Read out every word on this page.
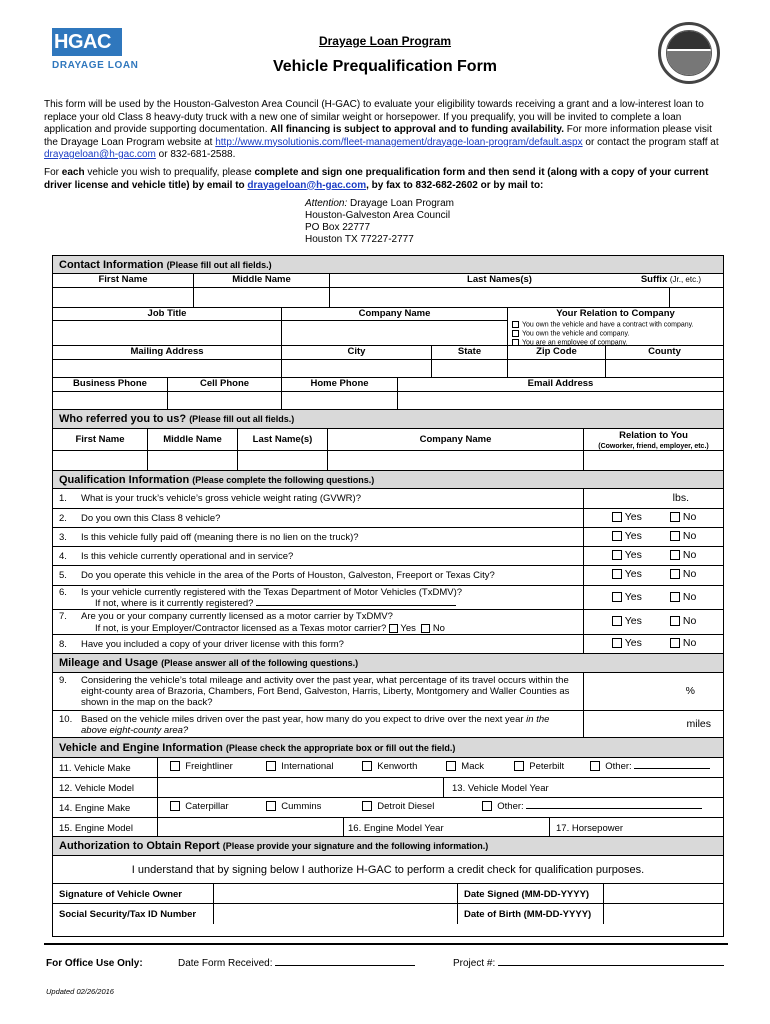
HGAC
DRAYAGE LOAN
Drayage Loan Program
Vehicle Prequalification Form
This form will be used by the Houston-Galveston Area Council (H-GAC) to evaluate your eligibility towards receiving a grant and a low-interest loan to replace your old Class 8 heavy-duty truck with a new one of similar weight or horsepower. If you prequalify, you will be invited to complete a loan application and provide supporting documentation. All financing is subject to approval and to funding availability. For more information please visit the Drayage Loan Program website at http://www.mysolutionis.com/fleet-management/drayage-loan-program/default.aspx or contact the program staff at drayageloan@h-gac.com or 832-681-2588.
For each vehicle you wish to prequalify, please complete and sign one prequalification form and then send it (along with a copy of your current driver license and vehicle title) by email to drayageloan@h-gac.com, by fax to 832-682-2602 or by mail to:
Attention: Drayage Loan Program
Houston-Galveston Area Council
PO Box 22777
Houston TX 77227-2777
Contact Information (Please fill out all fields.)
First Name	Middle Name	Last Names(s)	Suffix (Jr., etc.)
Job Title	Company Name	Your Relation to Company
You own the vehicle and have a contract with company.
You own the vehicle and company.
You are an employee of company.
Mailing Address	City	State	Zip Code	County
Business Phone	Cell Phone	Home Phone	Email Address
Who referred you to us? (Please fill out all fields.)
First Name	Middle Name	Last Name(s)	Company Name	Relation to You
(Coworker, friend, employer, etc.)
Qualification Information (Please complete the following questions.)
1. What is your truck’s vehicle’s gross vehicle weight rating (GVWR)?	lbs.
2. Do you own this Class 8 vehicle?	Yes	No
3. Is this vehicle fully paid off (meaning there is no lien on the truck)?	Yes	No
4. Is this vehicle currently operational and in service?	Yes	No
5. Do you operate this vehicle in the area of the Ports of Houston, Galveston, Freeport or Texas City?	Yes	No
6. Is your vehicle currently registered with the Texas Department of Motor Vehicles (TxDMV)?
If not, where is it currently registered?
Yes	No
7. Are you or your company currently licensed as a motor carrier by TxDMV?
If not, is your Employer/Contractor licensed as a Texas motor carrier? Yes No
Yes	No
8. Have you included a copy of your driver license with this form?	Yes	No
Mileage and Usage (Please answer all of the following questions.)
9. Considering the vehicle’s total mileage and activity over the past year, what percentage of its travel occurs within the eight-county area of Brazoria, Chambers, Fort Bend, Galveston, Harris, Liberty, Montgomery and Waller Counties as shown in the map on the back?
%
10. Based on the vehicle miles driven over the past year, how many do you expect to drive over the next year in the above eight-county area?
miles
Vehicle and Engine Information (Please check the appropriate box or fill out the field.)
11. Vehicle Make	Freightliner	International	Kenworth	Mack	Peterbilt	Other:
12. Vehicle Model	13. Vehicle Model Year
14. Engine Make	Caterpillar	Cummins	Detroit Diesel	Other:
15. Engine Model	16. Engine Model Year	17. Horsepower
Authorization to Obtain Report (Please provide your signature and the following information.)
I understand that by signing below I authorize H-GAC to perform a credit check for qualification purposes.
Signature of Vehicle Owner	Date Signed (MM-DD-YYYY)
Social Security/Tax ID Number	Date of Birth (MM-DD-YYYY)
For Office Use Only:	Date Form Received:	Project #:
Updated 02/26/2016
